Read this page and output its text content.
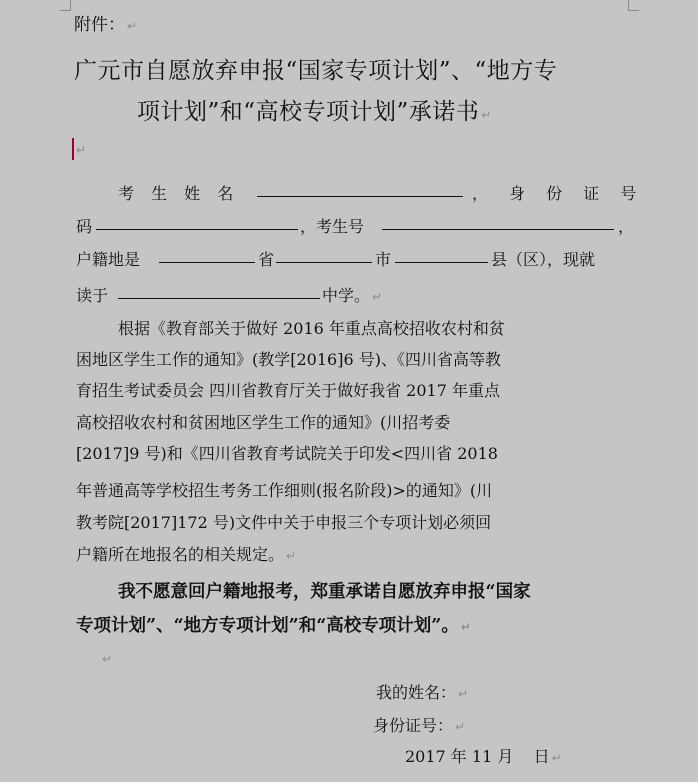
附件： ↵
广元市自愿放弃申报“国家专项计划”、“地方专
项计划”和“高校专项计划”承诺书 ↵
↵
考 生 姓 名	， 身 份 证 号
码	，考生号	，
户籍地是	省	市	县（区），现就
读于	中学。 ↵
根据《教育部关于做好 2016 年重点高校招收农村和贫
困地区学生工作的通知》(教学[2016]6 号)、《四川省高等教
育招生考试委员会 四川省教育厅关于做好我省 2017 年重点
高校招收农村和贫困地区学生工作的通知》(川招考委
[2017]9 号)和《四川省教育考试院关于印发<四川省 2018
年普通高等学校招生考务工作细则(报名阶段)>的通知》(川
教考院[2017]172 号)文件中关于申报三个专项计划必须回
户籍所在地报名的相关规定。 ↵
我不愿意回户籍地报考，郑重承诺自愿放弃申报“国家
专项计划”、“地方专项计划”和“高校专项计划”。 ↵
↵
我的姓名： ↵
身份证号： ↵
2017 年 11 月    日 ↵
